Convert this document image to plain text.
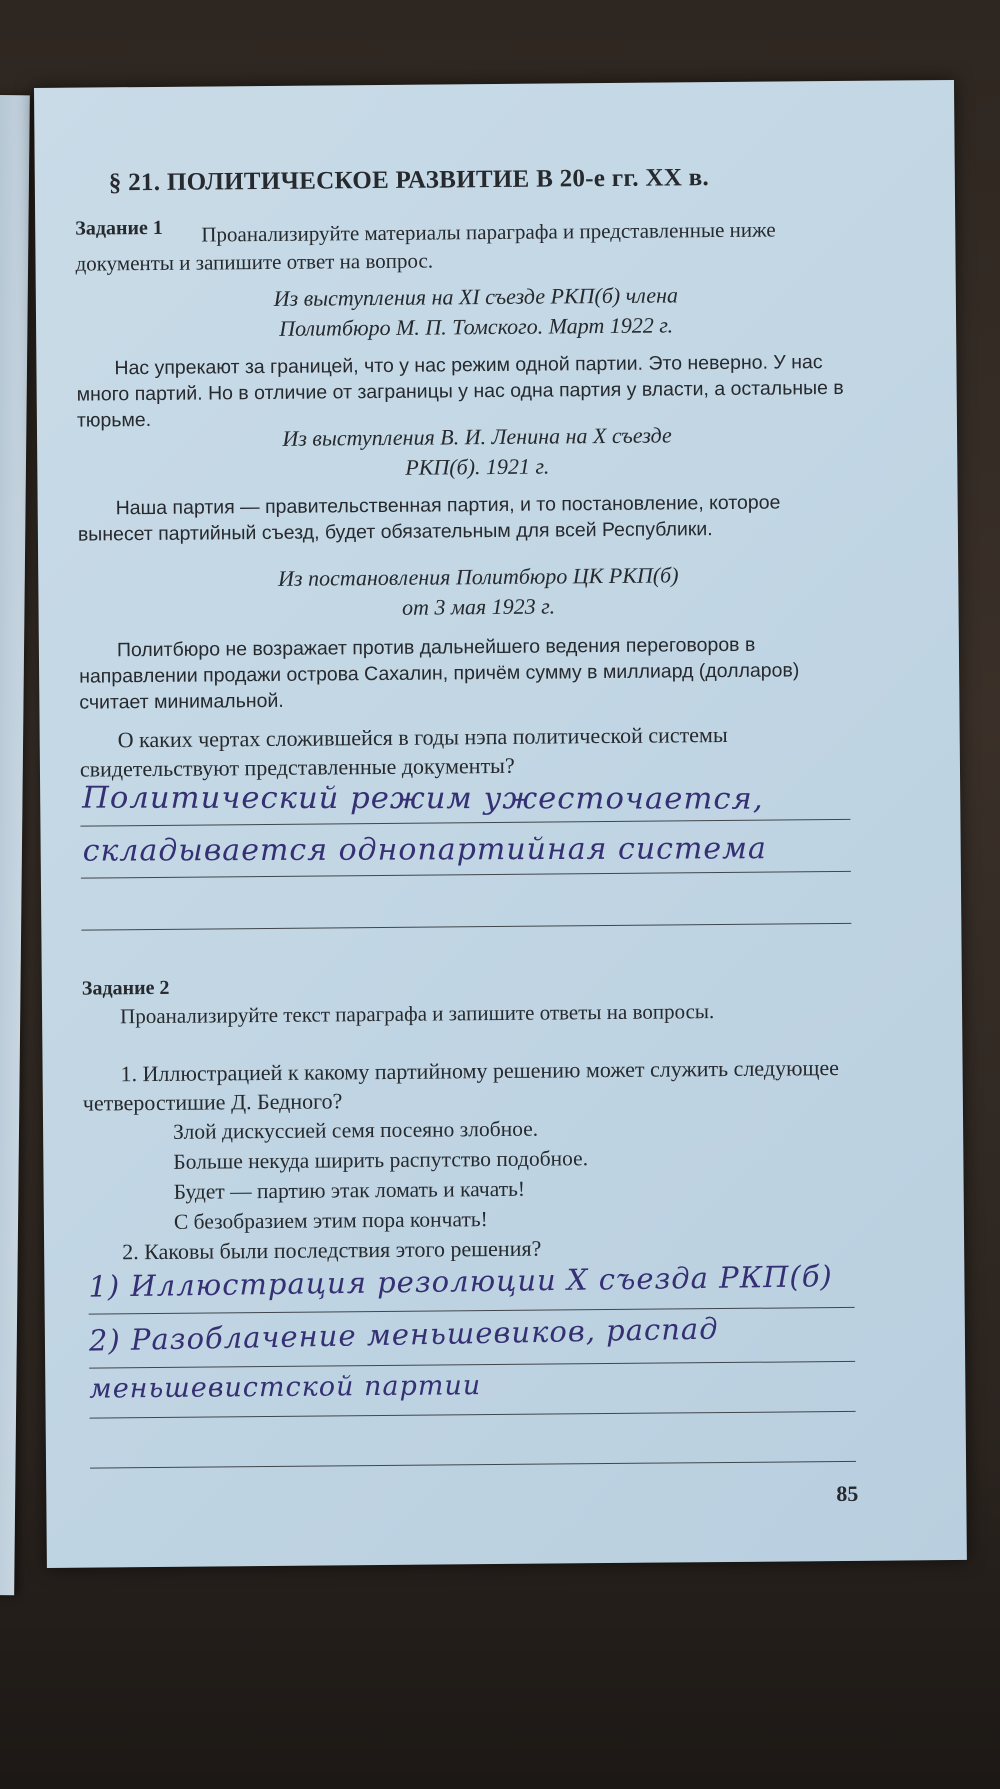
§ 21. ПОЛИТИЧЕСКОЕ РАЗВИТИЕ В 20-е гг. XX в.
Задание 1	Проанализируйте материалы параграфа и представленные ниже документы и запишите ответ на вопрос.
Из выступления на XI съезде РКП(б) члена
Политбюро М. П. Томского. Март 1922 г.
Нас упрекают за границей, что у нас режим одной партии. Это неверно. У нас много партий. Но в отличие от заграницы у нас одна партия у власти, а остальные в тюрьме.
Из выступления В. И. Ленина на X съезде
РКП(б). 1921 г.
Наша партия — правительственная партия, и то постановление, которое вынесет партийный съезд, будет обязательным для всей Республики.
Из постановления Политбюро ЦК РКП(б)
от 3 мая 1923 г.
Политбюро не возражает против дальнейшего ведения переговоров в направлении продажи острова Сахалин, причём сумму в миллиард (долларов) считает минимальной.
О каких чертах сложившейся в годы нэпа политической системы свидетельствуют представленные документы?
Политический режим ужесточается,
складывается однопартийная система
Задание 2
Проанализируйте текст параграфа и запишите ответы на вопросы.
1. Иллюстрацией к какому партийному решению может служить следующее четверостишие Д. Бедного?
Злой дискуссией семя посеяно злобное.
Больше некуда ширить распутство подобное.
Будет — партию этак ломать и качать!
С безобразием этим пора кончать!
2. Каковы были последствия этого решения?
1) Иллюстрация резолюции X съезда РКП(б)
2) Разоблачение меньшевиков, распад
меньшевистской партии
85
